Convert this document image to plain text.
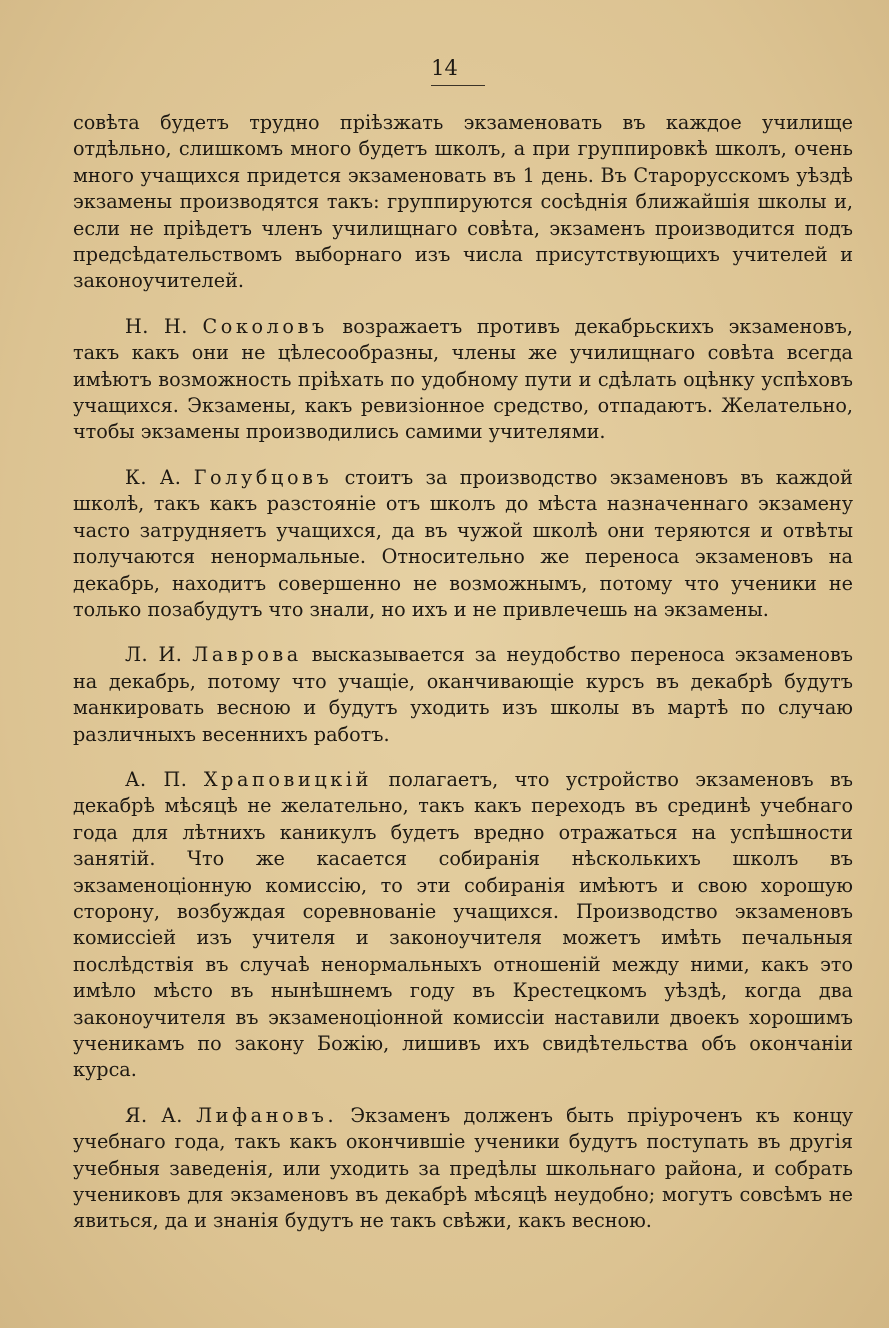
14

совѣта будетъ трудно пріѣзжать экзаменовать въ каждое училище отдѣльно, слишкомъ много будетъ школъ, а при группировкѣ школъ, очень много учащихся придется экзаменовать въ 1 день. Въ Старорусскомъ уѣздѣ экзамены производятся такъ: группируются сосѣднія ближайшія школы и, если не пріѣдетъ членъ училищнаго совѣта, экзаменъ производится подъ предсѣдательствомъ выборнаго изъ числа присутствующихъ учителей и законоучителей.

Н. Н. Соколовъ возражаетъ противъ декабрьскихъ экзаменовъ, такъ какъ они не цѣлесообразны, члены же училищнаго совѣта всегда имѣютъ возможность пріѣхать по удобному пути и сдѣлать оцѣнку успѣховъ учащихся. Экзамены, какъ ревизіонное средство, отпадаютъ. Желательно, чтобы экзамены производились самими учителями.

К. А. Голубцовъ стоитъ за производство экзаменовъ въ каждой школѣ, такъ какъ разстояніе отъ школъ до мѣста назначеннаго экзамену часто затрудняетъ учащихся, да въ чужой школѣ они теряются и отвѣты получаются ненормальные. Относительно же переноса экзаменовъ на декабрь, находитъ совершенно не возможнымъ, потому что ученики не только позабудутъ что знали, но ихъ и не привлечешь на экзамены.

Л. И. Лаврова высказывается за неудобство переноса экзаменовъ на декабрь, потому что учащіе, оканчивающіе курсъ въ декабрѣ будутъ манкировать весною и будутъ уходить изъ школы въ мартѣ по случаю различныхъ весеннихъ работъ.

А. П. Храповицкій полагаетъ, что устройство экзаменовъ въ декабрѣ мѣсяцѣ не желательно, такъ какъ переходъ въ срединѣ учебнаго года для лѣтнихъ каникулъ будетъ вредно отражаться на успѣшности занятій. Что же касается собиранія нѣсколькихъ школъ въ экзаменоціонную комиссію, то эти собиранія имѣютъ и свою хорошую сторону, возбуждая соревнованіе учащихся. Производство экзаменовъ комиссіей изъ учителя и законоучителя можетъ имѣть печальныя послѣдствія въ случаѣ ненормальныхъ отношеній между ними, какъ это имѣло мѣсто въ нынѣшнемъ году въ Крестецкомъ уѣздѣ, когда два законоучителя въ экзаменоціонной комиссіи наставили двоекъ хорошимъ ученикамъ по закону Божію, лишивъ ихъ свидѣтельства объ окончаніи курса.

Я. А. Лифановъ. Экзаменъ долженъ быть пріуроченъ къ концу учебнаго года, такъ какъ окончившіе ученики будутъ поступать въ другія учебныя заведенія, или уходить за предѣлы школьнаго района, и собрать учениковъ для экзаменовъ въ декабрѣ мѣсяцѣ неудобно; могутъ совсѣмъ не явиться, да и знанія будутъ не такъ свѣжи, какъ весною.
